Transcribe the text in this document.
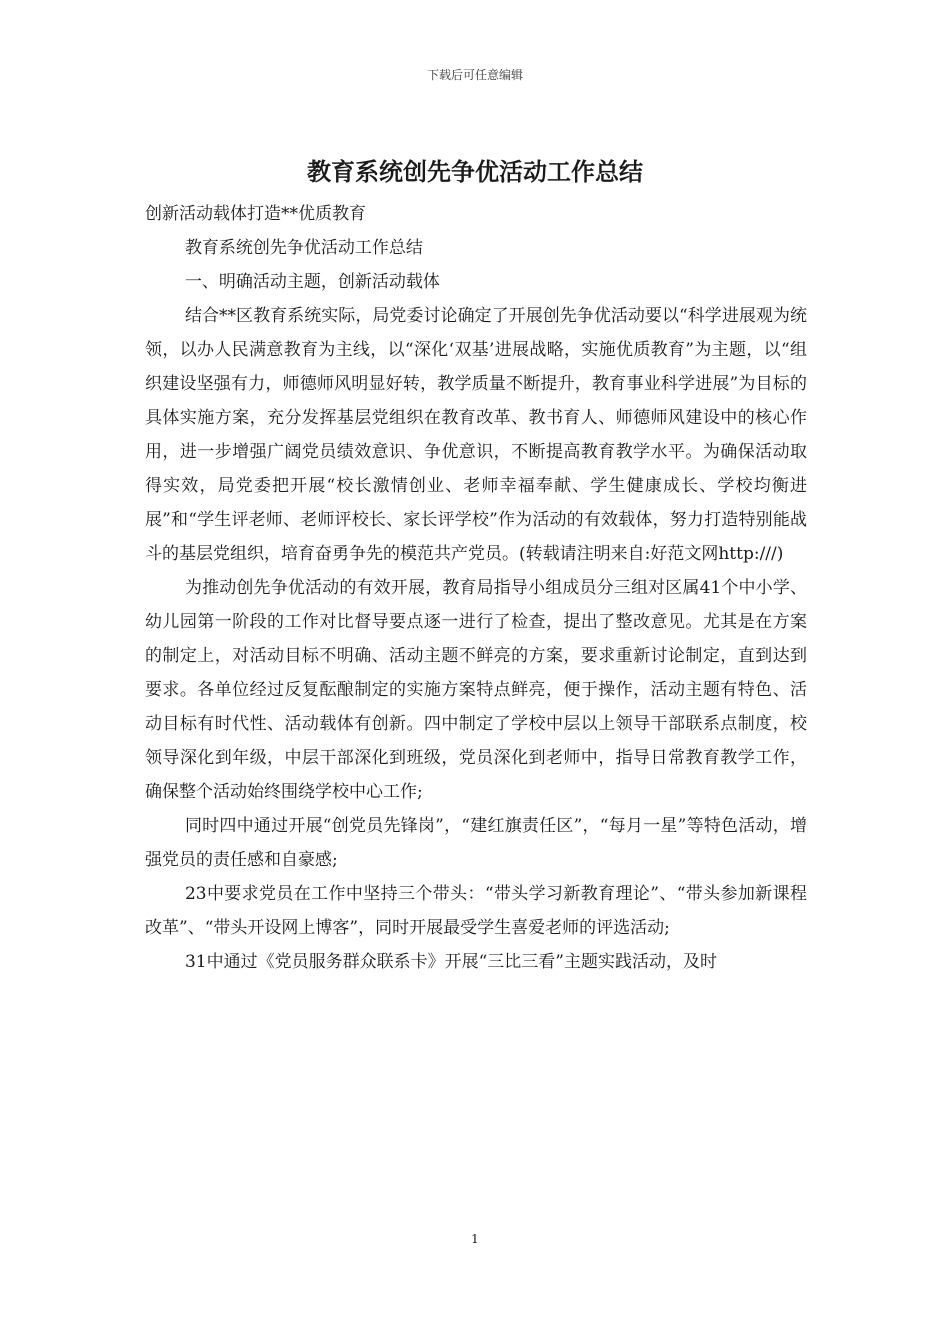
下载后可任意编辑
教育系统创先争优活动工作总结

创新活动载体打造**优质教育

教育系统创先争优活动工作总结

一、明确活动主题，创新活动载体

结合**区教育系统实际，局党委讨论确定了开展创先争优活动要以“科学进展观为统领，以办人民满意教育为主线，以“深化‘双基’进展战略，实施优质教育”为主题，以“组织建设坚强有力，师德师风明显好转，教学质量不断提升，教育事业科学进展”为目标的具体实施方案，充分发挥基层党组织在教育改革、教书育人、师德师风建设中的核心作用，进一步增强广阔党员绩效意识、争优意识，不断提高教育教学水平。为确保活动取得实效，局党委把开展“校长激情创业、老师幸福奉献、学生健康成长、学校均衡进展”和“学生评老师、老师评校长、家长评学校”作为活动的有效载体，努力打造特别能战斗的基层党组织，培育奋勇争先的模范共产党员。(转载请注明来自:好范文网http:///)

为推动创先争优活动的有效开展，教育局指导小组成员分三组对区属41个中小学、幼儿园第一阶段的工作对比督导要点逐一进行了检查，提出了整改意见。尤其是在方案的制定上，对活动目标不明确、活动主题不鲜亮的方案，要求重新讨论制定，直到达到要求。各单位经过反复酝酿制定的实施方案特点鲜亮，便于操作，活动主题有特色、活动目标有时代性、活动载体有创新。四中制定了学校中层以上领导干部联系点制度，校领导深化到年级，中层干部深化到班级，党员深化到老师中，指导日常教育教学工作，确保整个活动始终围绕学校中心工作;

同时四中通过开展“创党员先锋岗”，“建红旗责任区”，“每月一星”等特色活动，增强党员的责任感和自豪感;

23中要求党员在工作中坚持三个带头：“带头学习新教育理论”、“带头参加新课程改革”、“带头开设网上博客”，同时开展最受学生喜爱老师的评选活动;

31中通过《党员服务群众联系卡》开展“三比三看”主题实践活动，及时

1
